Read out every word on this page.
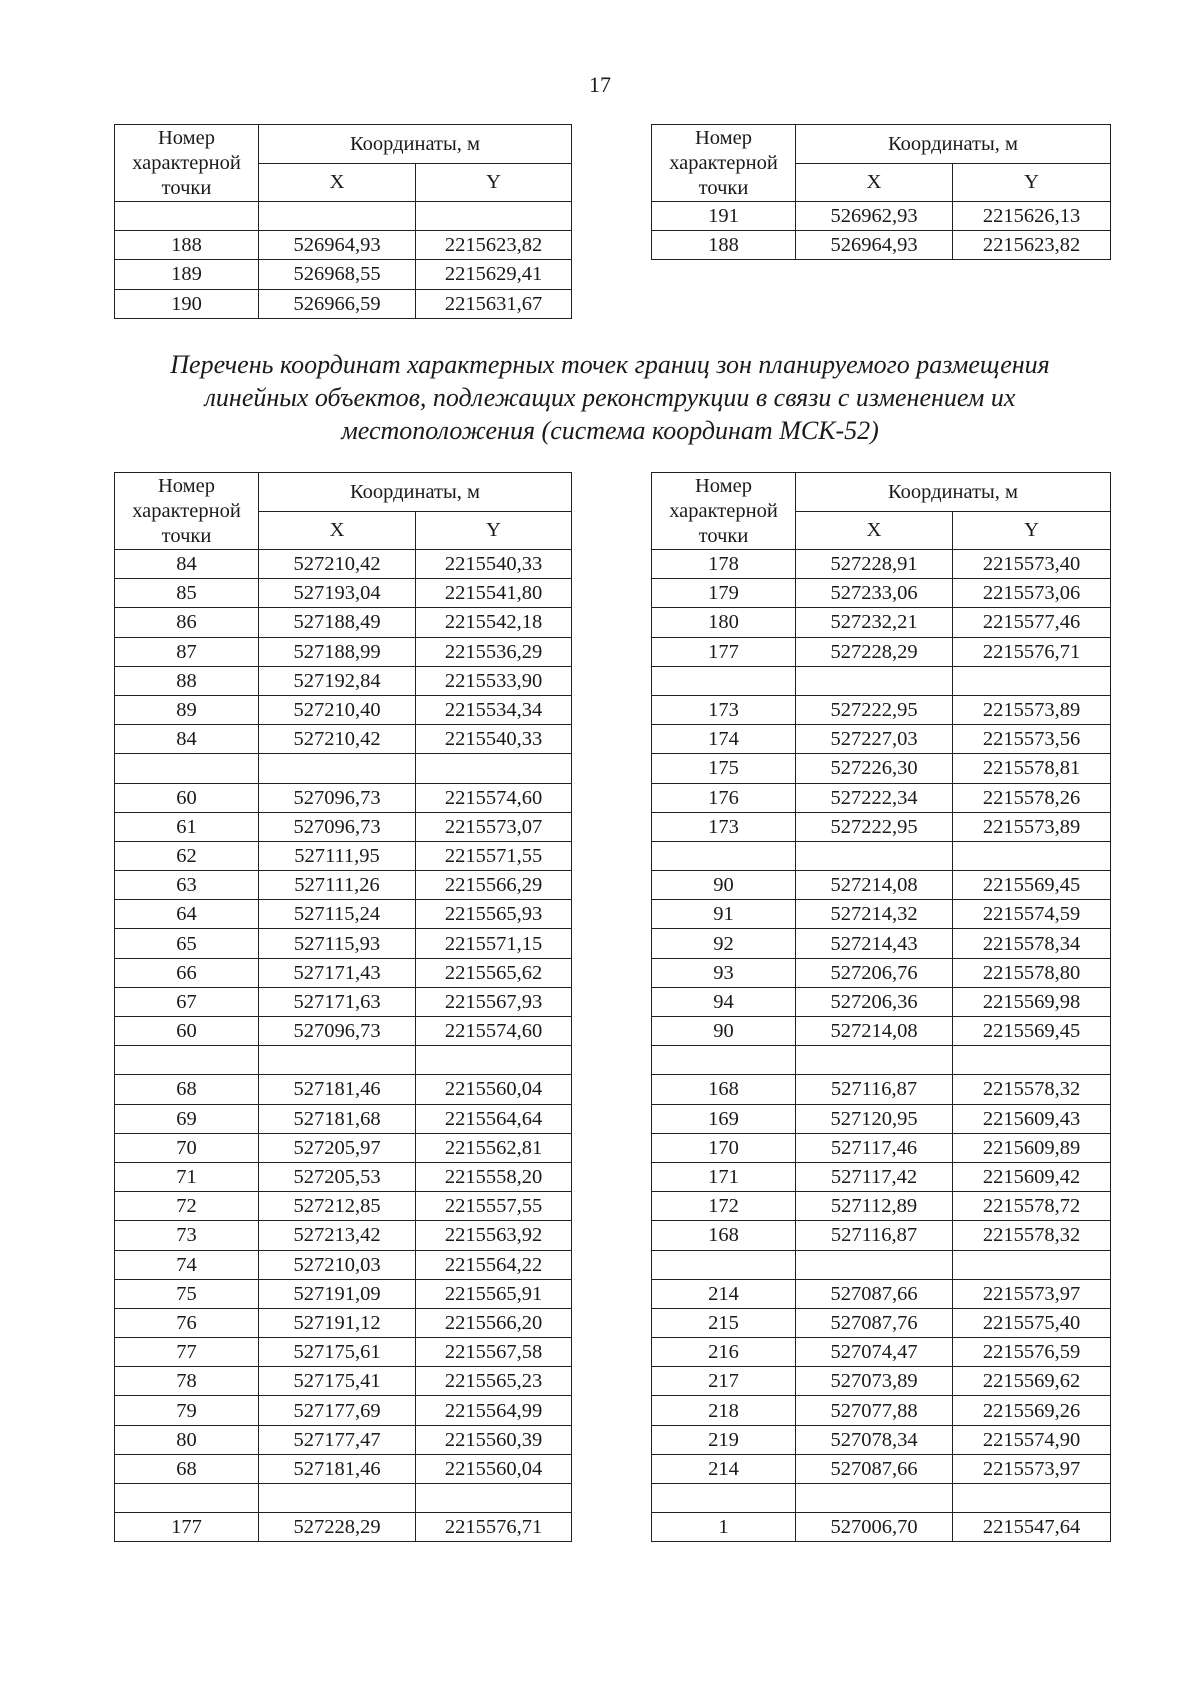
17
Номер
характерной
точки	Координаты, м	
	X	Y

188	526964,93	2215623,82
189	526968,55	2215629,41
190	526966,59	2215631,67
Номер
характерной
точки	Координаты, м	
	X	Y
191	526962,93	2215626,13
188	526964,93	2215623,82
Перечень координат характерных точек границ зон планируемого размещения
линейных объектов, подлежащих реконструкции в связи с изменением их
местоположения (система координат МСК-52)
Номер
характерной
точки	Координаты, м	
	X	Y
84	527210,42	2215540,33
85	527193,04	2215541,80
86	527188,49	2215542,18
87	527188,99	2215536,29
88	527192,84	2215533,90
89	527210,40	2215534,34
84	527210,42	2215540,33

60	527096,73	2215574,60
61	527096,73	2215573,07
62	527111,95	2215571,55
63	527111,26	2215566,29
64	527115,24	2215565,93
65	527115,93	2215571,15
66	527171,43	2215565,62
67	527171,63	2215567,93
60	527096,73	2215574,60

68	527181,46	2215560,04
69	527181,68	2215564,64
70	527205,97	2215562,81
71	527205,53	2215558,20
72	527212,85	2215557,55
73	527213,42	2215563,92
74	527210,03	2215564,22
75	527191,09	2215565,91
76	527191,12	2215566,20
77	527175,61	2215567,58
78	527175,41	2215565,23
79	527177,69	2215564,99
80	527177,47	2215560,39
68	527181,46	2215560,04

177	527228,29	2215576,71
Номер
характерной
точки	Координаты, м	
	X	Y
178	527228,91	2215573,40
179	527233,06	2215573,06
180	527232,21	2215577,46
177	527228,29	2215576,71

173	527222,95	2215573,89
174	527227,03	2215573,56
175	527226,30	2215578,81
176	527222,34	2215578,26
173	527222,95	2215573,89

90	527214,08	2215569,45
91	527214,32	2215574,59
92	527214,43	2215578,34
93	527206,76	2215578,80
94	527206,36	2215569,98
90	527214,08	2215569,45

168	527116,87	2215578,32
169	527120,95	2215609,43
170	527117,46	2215609,89
171	527117,42	2215609,42
172	527112,89	2215578,72
168	527116,87	2215578,32

214	527087,66	2215573,97
215	527087,76	2215575,40
216	527074,47	2215576,59
217	527073,89	2215569,62
218	527077,88	2215569,26
219	527078,34	2215574,90
214	527087,66	2215573,97

1	527006,70	2215547,64
